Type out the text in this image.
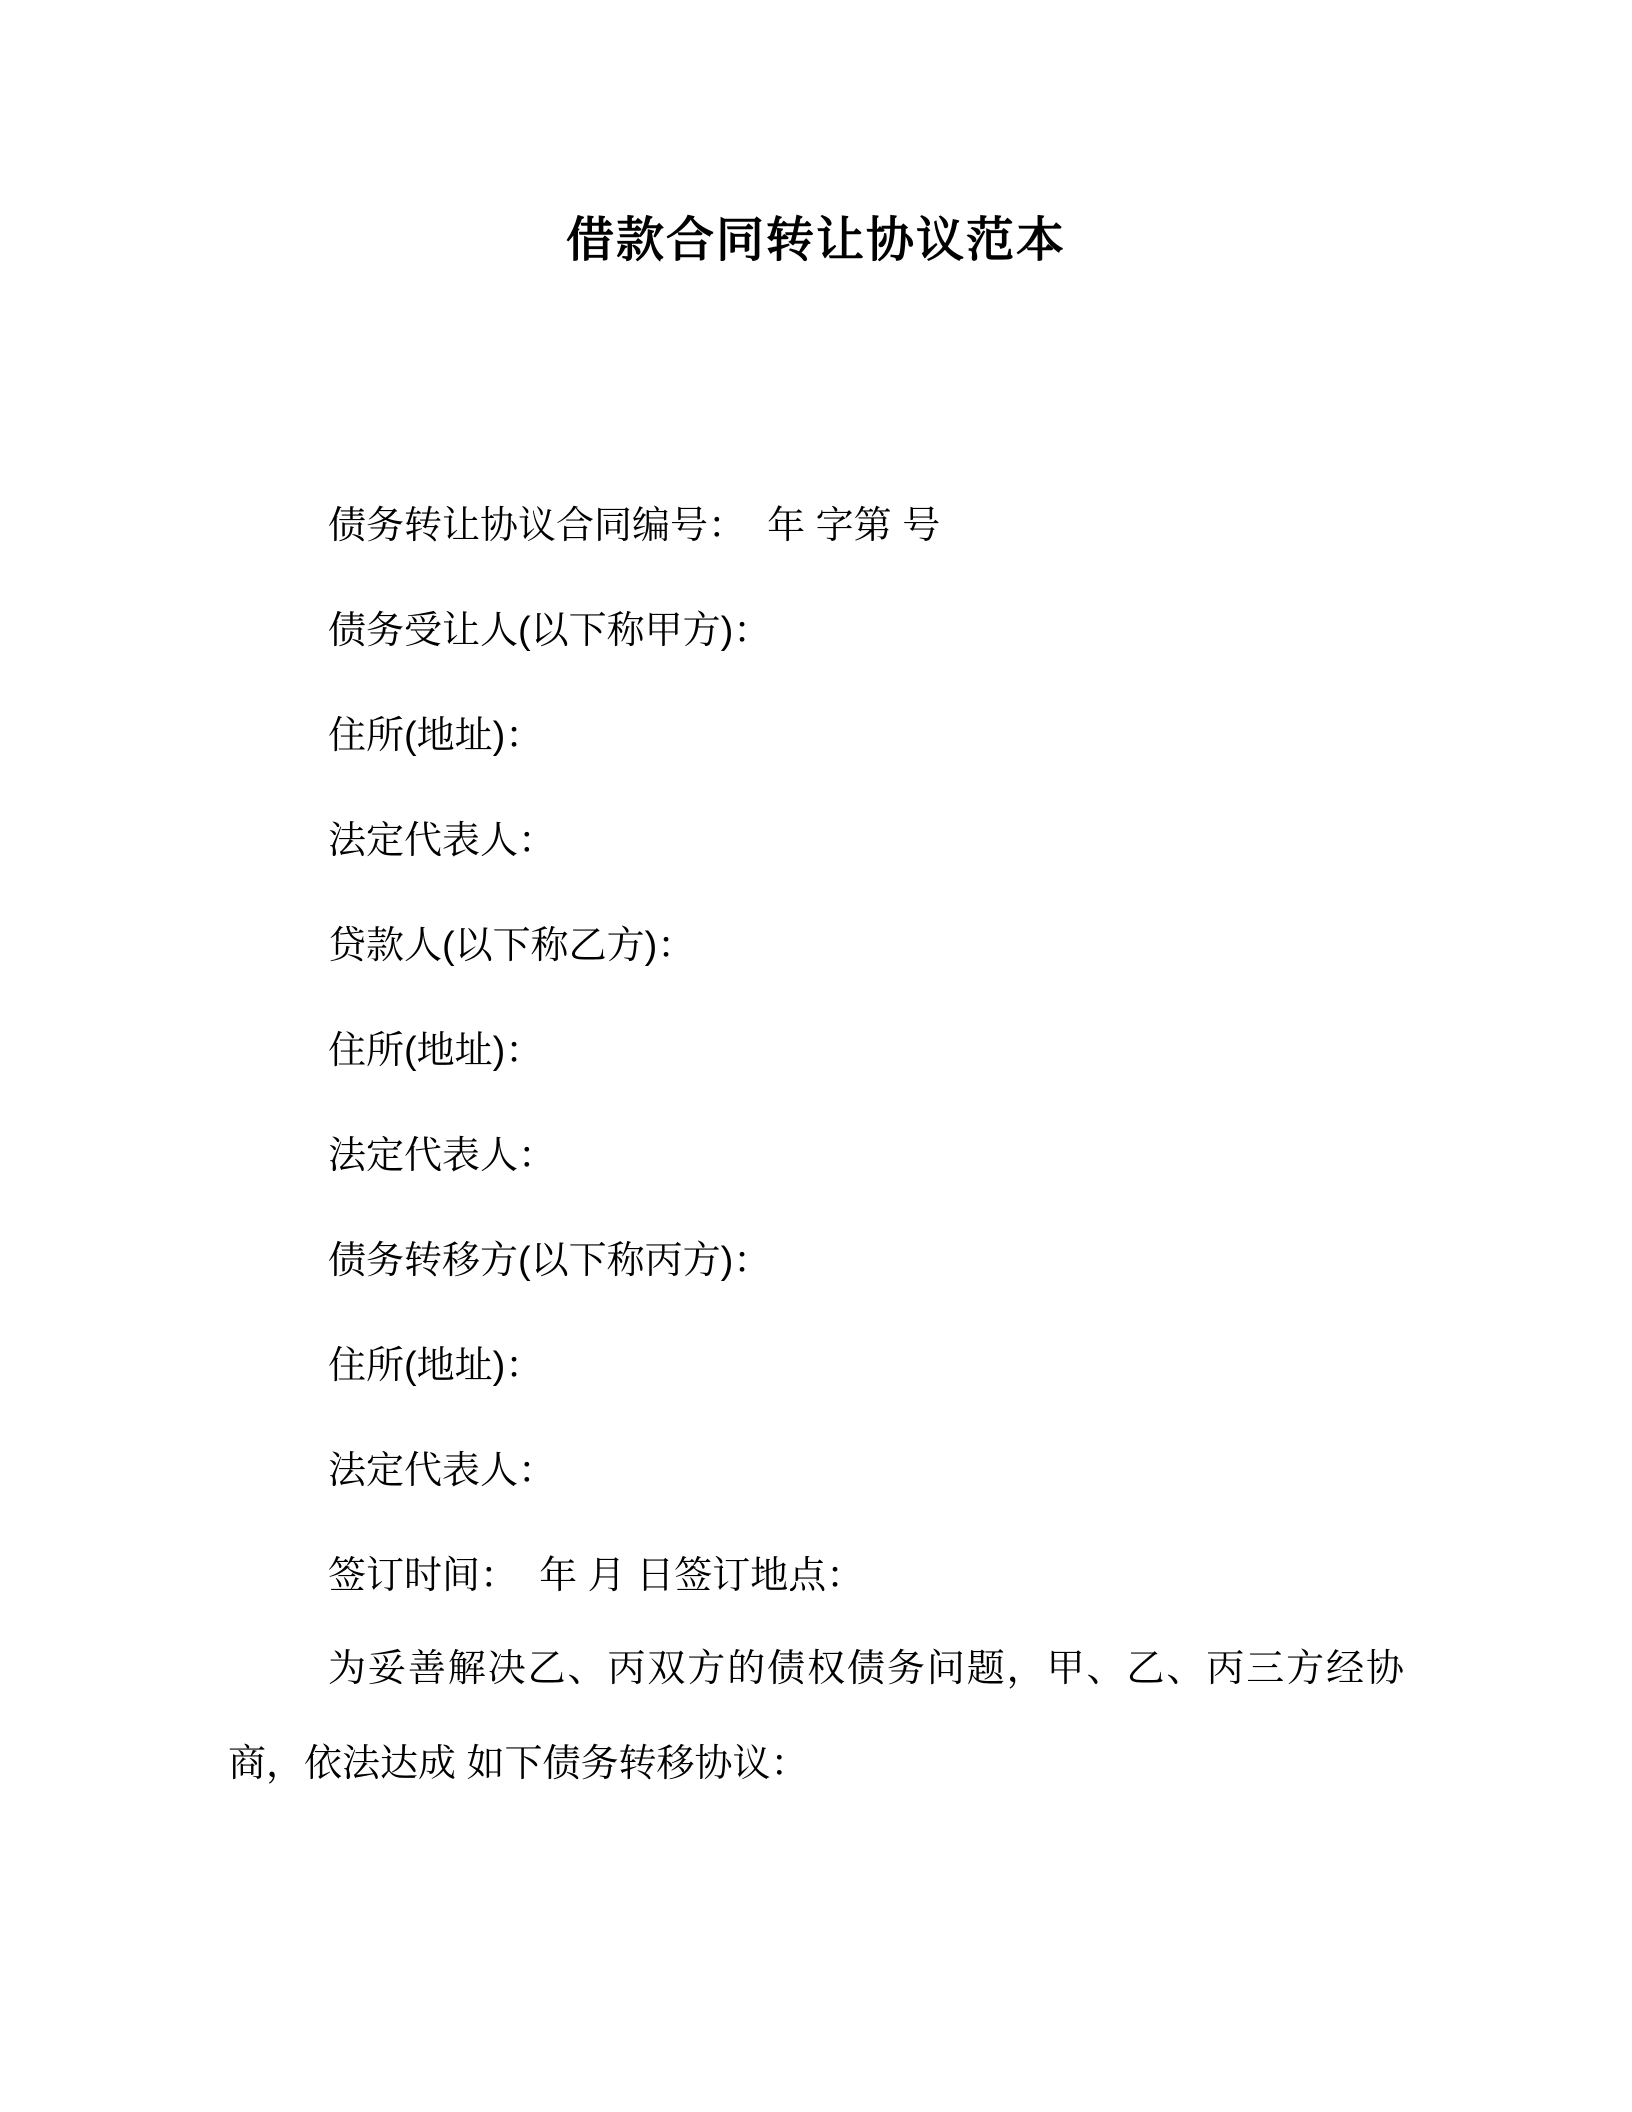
借款合同转让协议范本

债务转让协议合同编号：  年 字第 号

债务受让人(以下称甲方)：

住所(地址)：

法定代表人：

贷款人(以下称乙方)：

住所(地址)：

法定代表人：

债务转移方(以下称丙方)：

住所(地址)：

法定代表人：

签订时间：  年 月 日签订地点：

为妥善解决乙、丙双方的债权债务问题，甲、乙、丙三方经协商，依法达成 如下债务转移协议：
